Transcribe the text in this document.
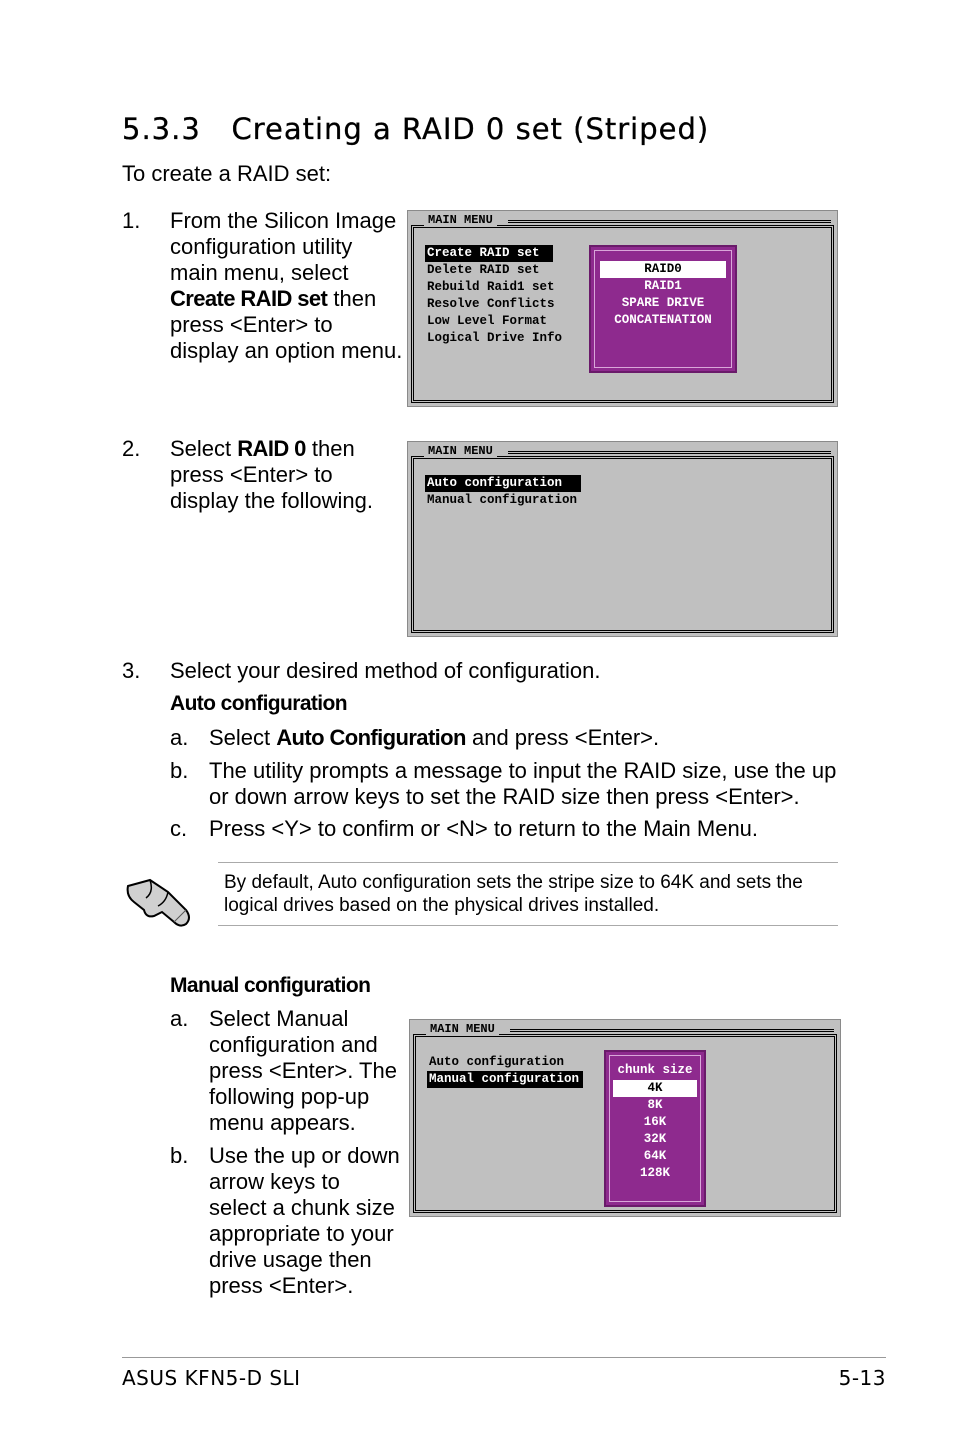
5.3.3   Creating a RAID 0 set (Striped)
To create a RAID set:
1.	From the Silicon Image
configuration utility
main menu, select
Create RAID set then
press <Enter> to
display an option menu.
MAIN MENU
Create RAID set
Delete RAID set
Rebuild Raid1 set
Resolve Conflicts
Low Level Format
Logical Drive Info
RAID0
RAID1
SPARE DRIVE
CONCATENATION
2.	Select RAID 0 then
press <Enter> to
display the following.
MAIN MENU
Auto configuration
Manual configuration
3.	Select your desired method of configuration.
Auto configuration
a. Select Auto Configuration and press <Enter>.
b. The utility prompts a message to input the RAID size, use the up
or down arrow keys to set the RAID size then press <Enter>.
c. Press <Y> to confirm or <N> to return to the Main Menu.
By default, Auto configuration sets the stripe size to 64K and sets the
logical drives based on the physical drives installed.
Manual configuration
a. Select Manual
configuration and
press <Enter>. The
following pop-up
menu appears.
b. Use the up or down
arrow keys to
select a chunk size
appropriate to your
drive usage then
press <Enter>.
MAIN MENU
Auto configuration
Manual configuration
chunk size
4K
8K
16K
32K
64K
128K
ASUS KFN5-D SLI	5-13
